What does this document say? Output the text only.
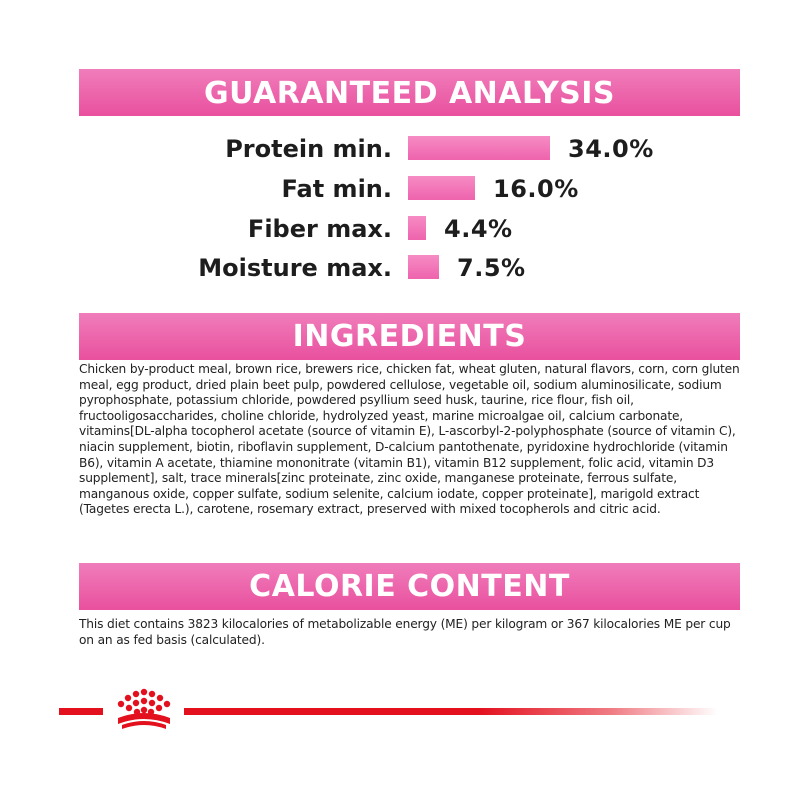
GUARANTEED ANALYSIS
Protein min.	34.0%
Fat min.	16.0%
Fiber max. 4.4%
Moisture max.	7.5%
INGREDIENTS
Chicken by-product meal, brown rice, brewers rice, chicken fat, wheat gluten, natural flavors, corn, corn gluten meal, egg product, dried plain beet pulp, powdered cellulose, vegetable oil, sodium aluminosilicate, sodium pyrophosphate, potassium chloride, powdered psyllium seed husk, taurine, rice flour, fish oil, fructooligosaccharides, choline chloride, hydrolyzed yeast, marine microalgae oil, calcium carbonate, vitamins[DL-alpha tocopherol acetate (source of vitamin E), L-ascorbyl-2-polyphosphate (source of vitamin C), niacin supplement, biotin, riboflavin supplement, D-calcium pantothenate, pyridoxine hydrochloride (vitamin B6), vitamin A acetate, thiamine mononitrate (vitamin B1), vitamin B12 supplement, folic acid, vitamin D3 supplement], salt, trace minerals[zinc proteinate, zinc oxide, manganese proteinate, ferrous sulfate, manganous oxide, copper sulfate, sodium selenite, calcium iodate, copper proteinate], marigold extract (Tagetes erecta L.), carotene, rosemary extract, preserved with mixed tocopherols and citric acid.
CALORIE CONTENT
This diet contains 3823 kilocalories of metabolizable energy (ME) per kilogram or 367 kilocalories ME per cup on an as fed basis (calculated).
